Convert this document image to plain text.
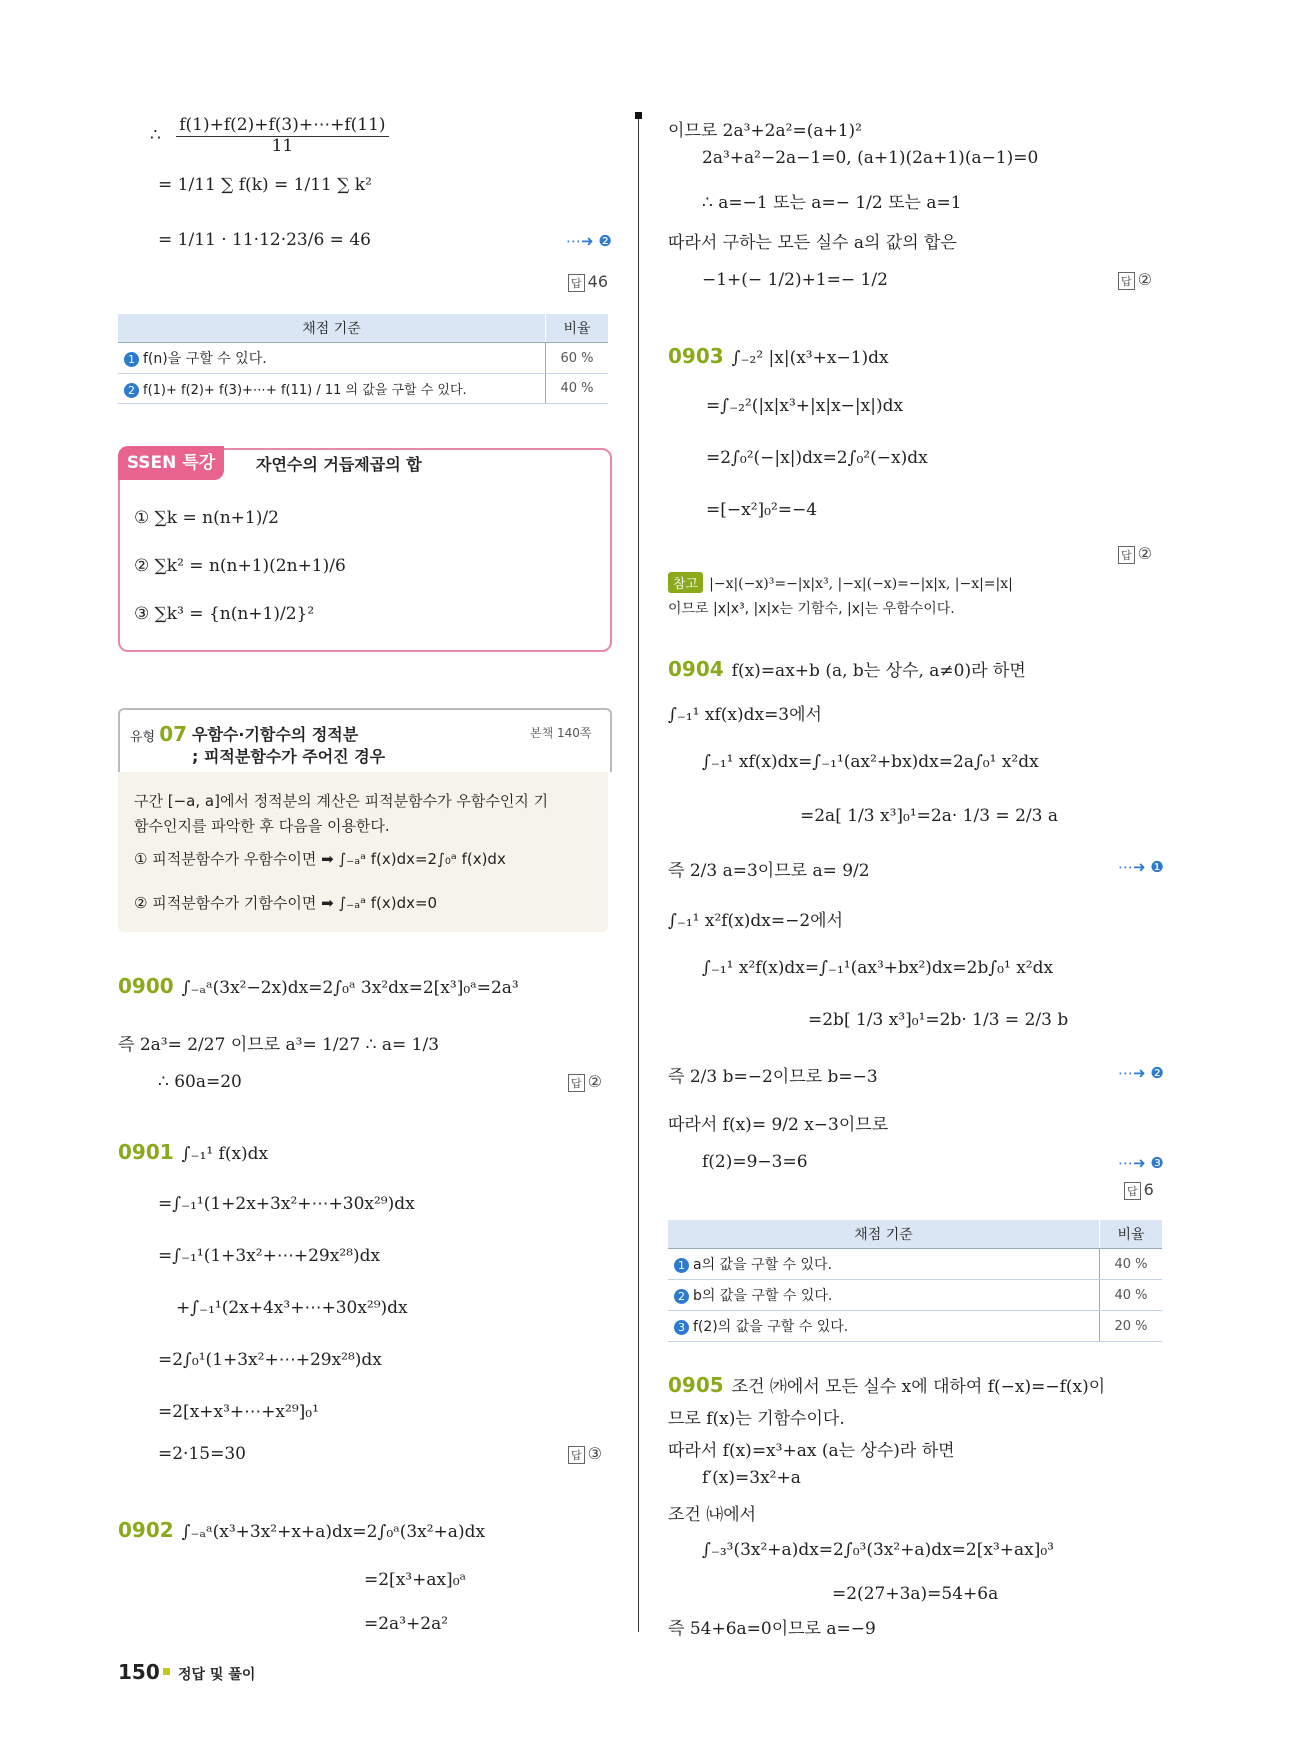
∴ $\frac{f(1)+f(2)+f(3)+\cdots+f(11)}{11}$
= 1/11 ∑ f(k) = 1/11 ∑ k²
= 1/11 · 11·12·23/6 = 46	⋯➜ ❷
답 46
채점 기준	비율
1 f(n)을 구할 수 있다.	60 %
2 f(1)+ f(2)+ f(3)+⋯+ f(11) / 11 의 값을 구할 수 있다.	40 %
SSEN 특강	자연수의 거듭제곱의 합
① ∑k = n(n+1)/2
② ∑k² = n(n+1)(2n+1)/6
③ ∑k³ = {n(n+1)/2}²
유형 07 우함수·기함수의 정적분
; 피적분함수가 주어진 경우
본책 140쪽
구간 [−a, a]에서 정적분의 계산은 피적분함수가 우함수인지 기
함수인지를 파악한 후 다음을 이용한다.
① 피적분함수가 우함수이면 ➡ ∫₋ₐᵃ f(x)dx=2∫₀ᵃ f(x)dx
② 피적분함수가 기함수이면 ➡ ∫₋ₐᵃ f(x)dx=0
0900 ∫₋ₐᵃ(3x²−2x)dx=2∫₀ᵃ 3x²dx=2[x³]₀ᵃ=2a³
즉 2a³= 2/27 이므로 a³= 1/27 ∴ a= 1/3
∴ 60a=20	답 ②
0901 ∫₋₁¹ f(x)dx
=∫₋₁¹(1+2x+3x²+⋯+30x²⁹)dx
=∫₋₁¹(1+3x²+⋯+29x²⁸)dx
+∫₋₁¹(2x+4x³+⋯+30x²⁹)dx
=2∫₀¹(1+3x²+⋯+29x²⁸)dx
=2[x+x³+⋯+x²⁹]₀¹
=2·15=30	답 ③
0902 ∫₋ₐᵃ(x³+3x²+x+a)dx=2∫₀ᵃ(3x²+a)dx
=2[x³+ax]₀ᵃ
=2a³+2a²
150 정답 및 풀이
이므로 2a³+2a²=(a+1)²
2a³+a²−2a−1=0, (a+1)(2a+1)(a−1)=0
∴ a=−1 또는 a=− 1/2 또는 a=1
따라서 구하는 모든 실수 a의 값의 합은
−1+(− 1/2)+1=− 1/2	답 ②
0903 ∫₋₂² |x|(x³+x−1)dx
=∫₋₂²(|x|x³+|x|x−|x|)dx
=2∫₀²(−|x|)dx=2∫₀²(−x)dx
=[−x²]₀²=−4
답 ②
참고 |−x|(−x)³=−|x|x³, |−x|(−x)=−|x|x, |−x|=|x|
이므로 |x|x³, |x|x는 기함수, |x|는 우함수이다.
0904 f(x)=ax+b (a, b는 상수, a≠0)라 하면
∫₋₁¹ xf(x)dx=3에서
∫₋₁¹ xf(x)dx=∫₋₁¹(ax²+bx)dx=2a∫₀¹ x²dx
=2a[ 1/3 x³]₀¹=2a· 1/3 = 2/3 a
즉 2/3 a=3이므로 a= 9/2	⋯➜ ❶
∫₋₁¹ x²f(x)dx=−2에서
∫₋₁¹ x²f(x)dx=∫₋₁¹(ax³+bx²)dx=2b∫₀¹ x²dx
=2b[ 1/3 x³]₀¹=2b· 1/3 = 2/3 b
즉 2/3 b=−2이므로 b=−3	⋯➜ ❷
따라서 f(x)= 9/2 x−3이므로
f(2)=9−3=6	⋯➜ ❸
답 6
채점 기준	비율
1 a의 값을 구할 수 있다.	40 %
2 b의 값을 구할 수 있다.	40 %
3 f(2)의 값을 구할 수 있다.	20 %
0905 조건 ㈎에서 모든 실수 x에 대하여 f(−x)=−f(x)이
므로 f(x)는 기함수이다.
따라서 f(x)=x³+ax (a는 상수)라 하면
f′(x)=3x²+a
조건 ㈏에서
∫₋₃³(3x²+a)dx=2∫₀³(3x²+a)dx=2[x³+ax]₀³
=2(27+3a)=54+6a
즉 54+6a=0이므로 a=−9
